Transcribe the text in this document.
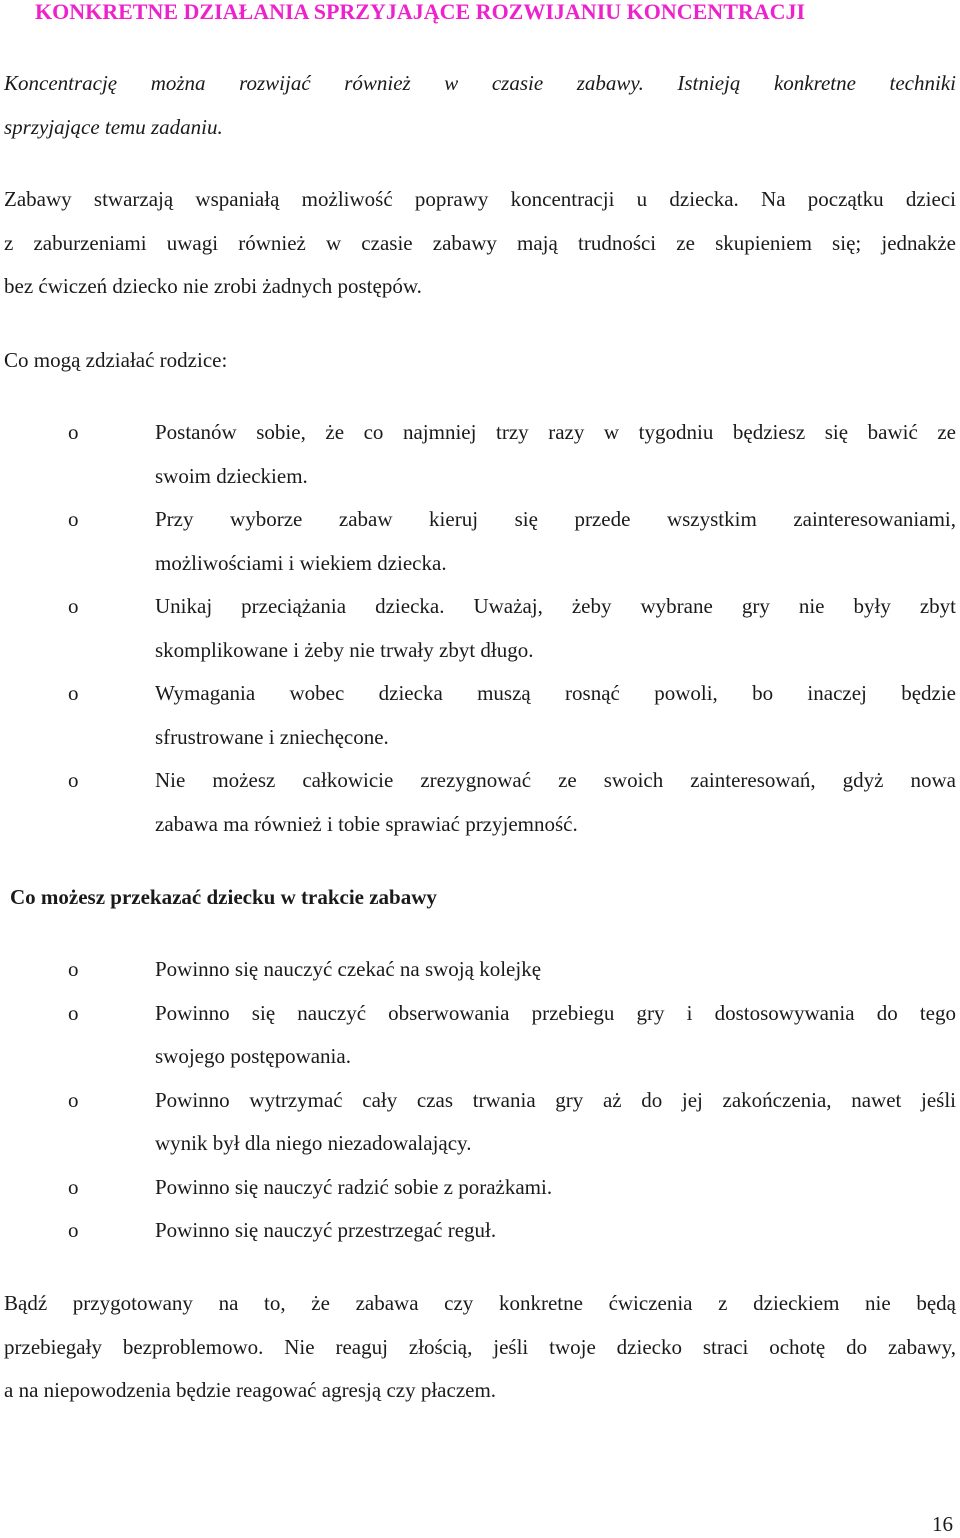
KONKRETNE DZIAŁANIA SPRZYJAJĄCE ROZWIJANIU KONCENTRACJI
Koncentrację można rozwijać również w czasie zabawy. Istnieją konkretne techniki
sprzyjające temu zadaniu.
Zabawy stwarzają wspaniałą możliwość poprawy koncentracji u dziecka. Na początku dzieci
z zaburzeniami uwagi również w czasie zabawy mają trudności ze skupieniem się; jednakże
bez ćwiczeń dziecko nie zrobi żadnych postępów.
Co mogą zdziałać rodzice:
o	Postanów sobie, że co najmniej trzy razy w tygodniu będziesz się bawić ze
swoim dzieckiem.
o	Przy wyborze zabaw kieruj się przede wszystkim zainteresowaniami,
możliwościami i wiekiem dziecka.
o	Unikaj przeciążania dziecka. Uważaj, żeby wybrane gry nie były zbyt
skomplikowane i żeby nie trwały zbyt długo.
o	Wymagania wobec dziecka muszą rosnąć powoli, bo inaczej będzie
sfrustrowane i zniechęcone.
o	Nie możesz całkowicie zrezygnować ze swoich zainteresowań, gdyż nowa
zabawa ma również i tobie sprawiać przyjemność.
Co możesz przekazać dziecku w trakcie zabawy
o	Powinno się nauczyć czekać na swoją kolejkę
o	Powinno się nauczyć obserwowania przebiegu gry i dostosowywania do tego
swojego postępowania.
o	Powinno wytrzymać cały czas trwania gry aż do jej zakończenia, nawet jeśli
wynik był dla niego niezadowalający.
o	Powinno się nauczyć radzić sobie z porażkami.
o	Powinno się nauczyć przestrzegać reguł.
Bądź przygotowany na to, że zabawa czy konkretne ćwiczenia z dzieckiem nie będą
przebiegały bezproblemowo. Nie reaguj złością, jeśli twoje dziecko straci ochotę do zabawy,
a na niepowodzenia będzie reagować agresją czy płaczem.
16
